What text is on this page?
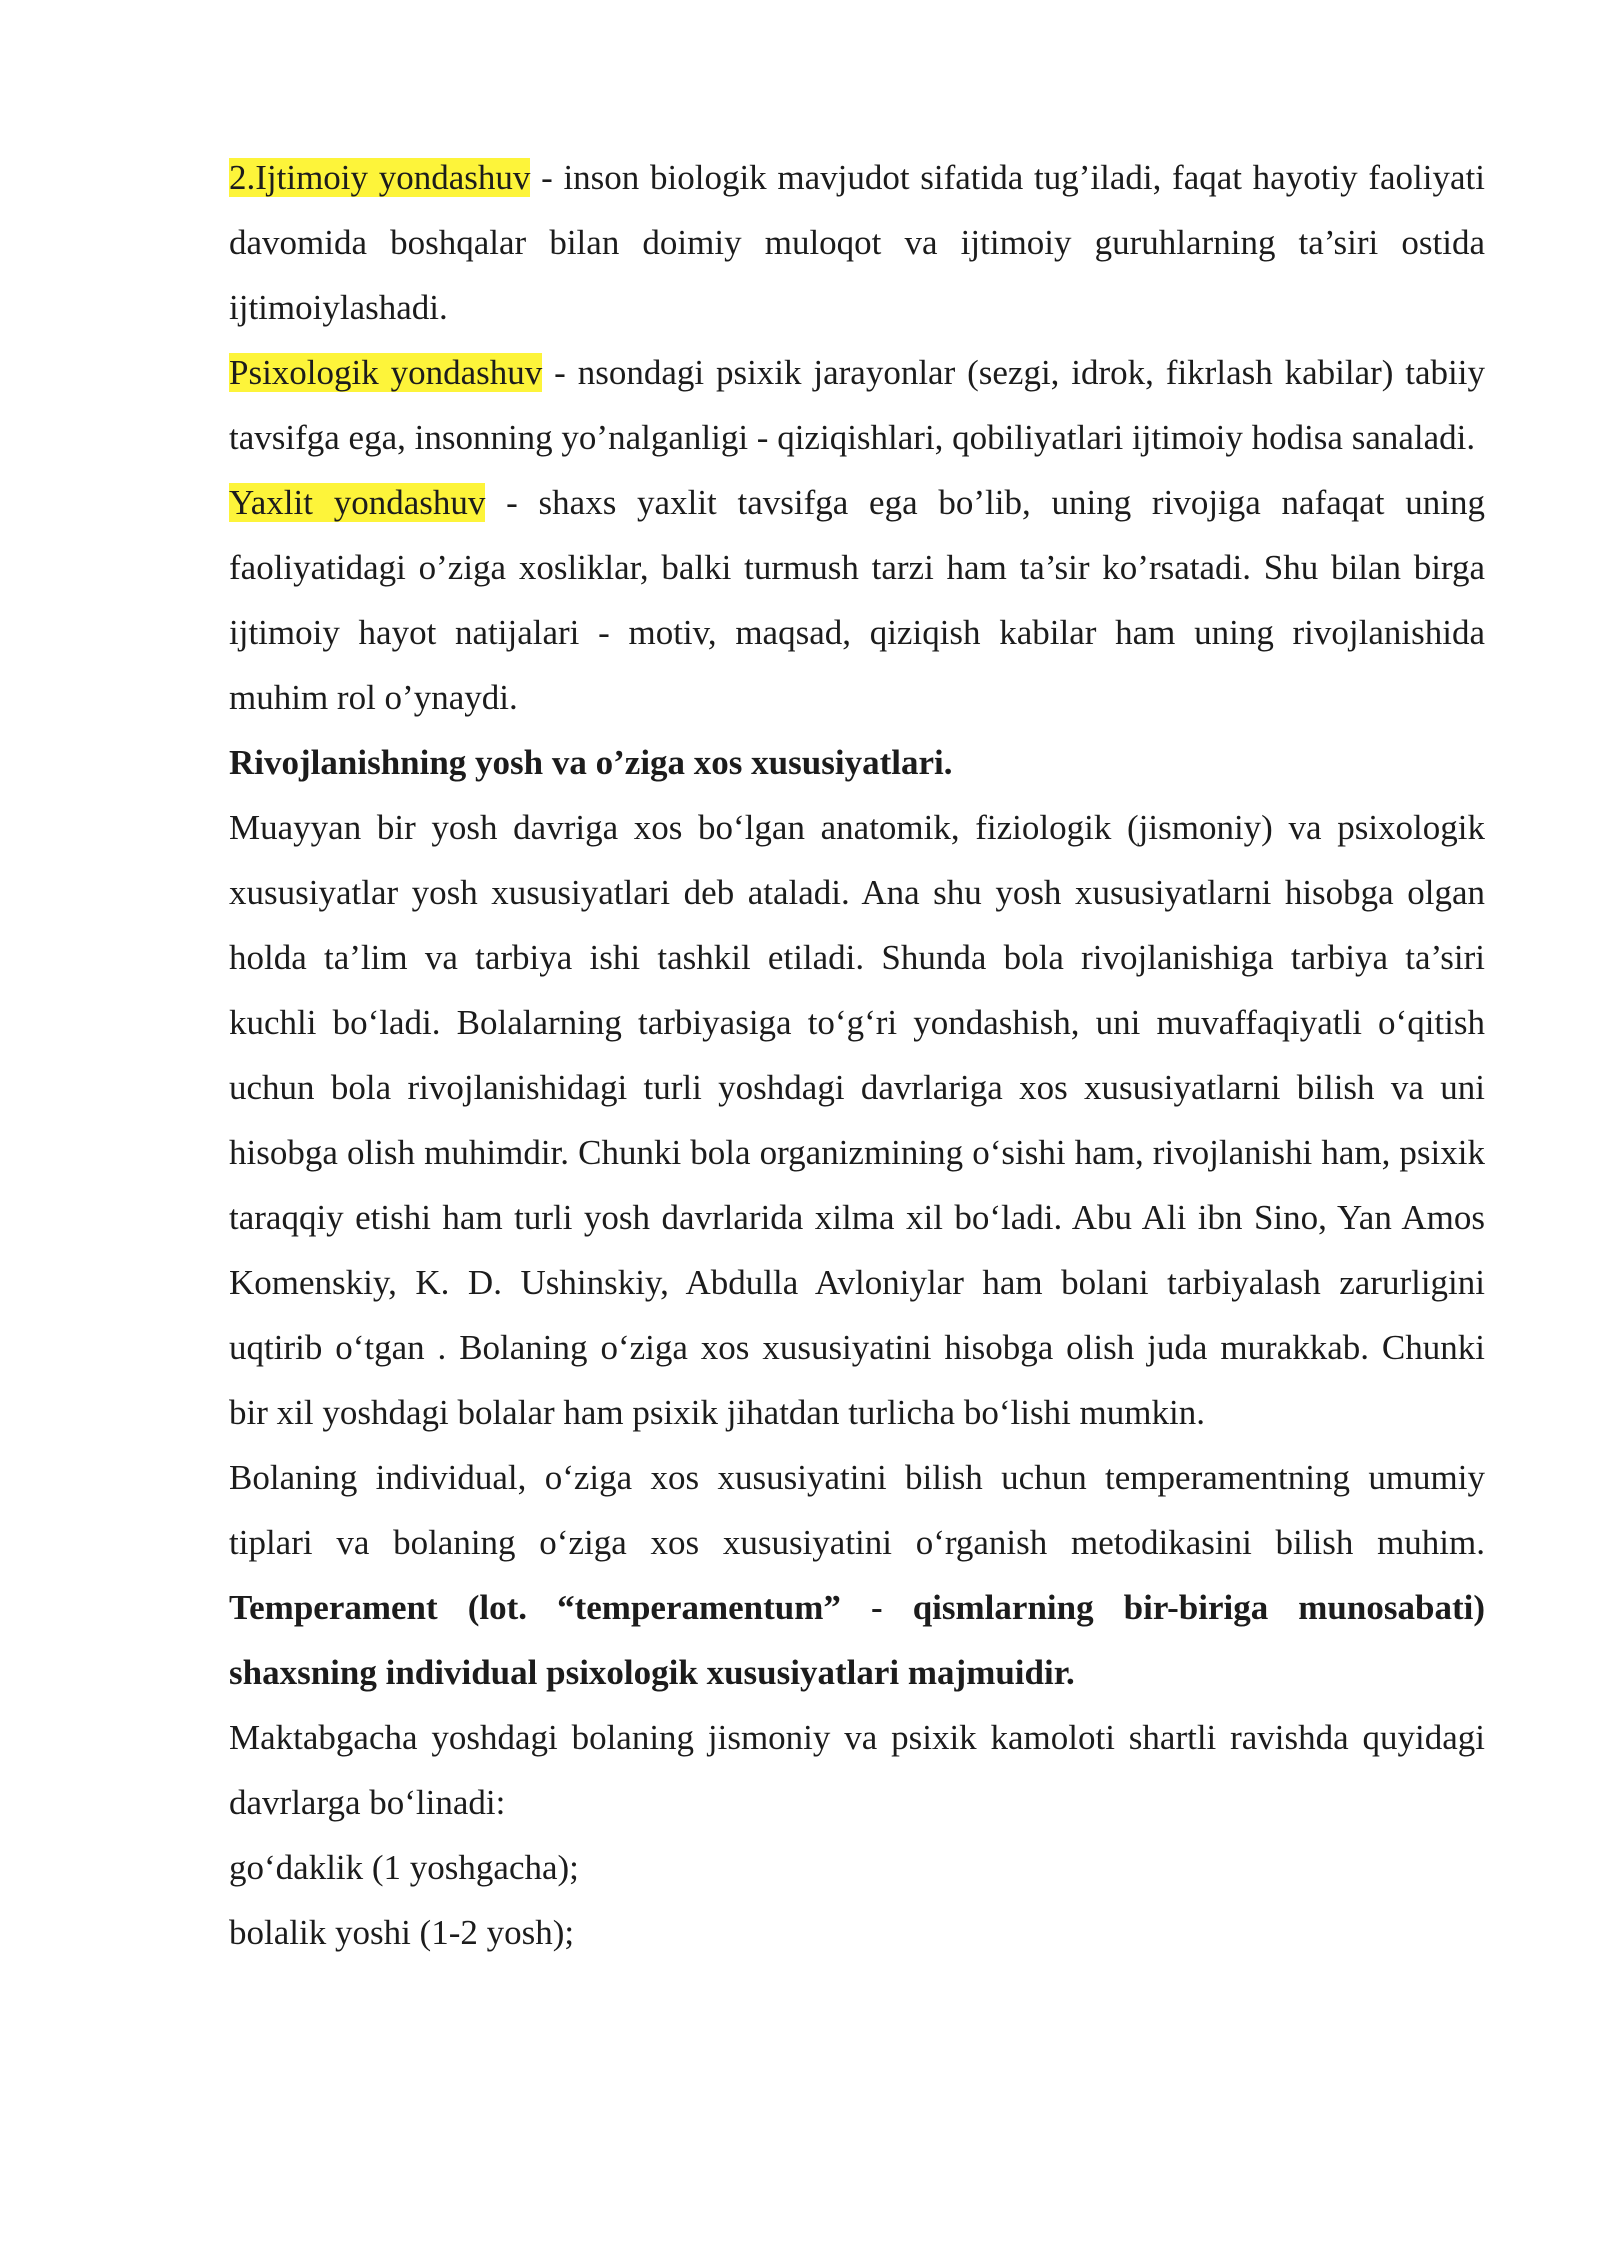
2.Ijtimoiy yondashuv - inson biologik mavjudot sifatida tug’iladi, faqat hayotiy faoliyati davomida boshqalar bilan doimiy muloqot va ijtimoiy guruhlarning ta’siri ostida ijtimoiylashadi.

Psixologik yondashuv - nsondagi psixik jarayonlar (sezgi, idrok, fikrlash kabilar) tabiiy tavsifga ega, insonning yo’nalganligi - qiziqishlari, qobiliyatlari ijtimoiy hodisa sanaladi.

Yaxlit yondashuv - shaxs yaxlit tavsifga ega bo’lib, uning rivojiga nafaqat uning faoliyatidagi o’ziga xosliklar, balki turmush tarzi ham ta’sir ko’rsatadi. Shu bilan birga ijtimoiy hayot natijalari - motiv, maqsad, qiziqish kabilar ham uning rivojlanishida muhim rol o’ynaydi.

Rivojlanishning yosh va o’ziga xos xususiyatlari.

Muayyan bir yosh davriga xos boʻlgan anatomik, fiziologik (jismoniy) va psixologik xususiyatlar yosh xususiyatlari deb ataladi. Ana shu yosh xususiyatlarni hisobga olgan holda ta’lim va tarbiya ishi tashkil etiladi. Shunda bola rivojlanishiga tarbiya ta’siri kuchli boʻladi. Bolalarning tarbiyasiga toʻgʻri yondashish, uni muvaffaqiyatli oʻqitish uchun bola rivojlanishidagi turli yoshdagi davrlariga xos xususiyatlarni bilish va uni hisobga olish muhimdir. Chunki bola organizmining oʻsishi ham, rivojlanishi ham, psixik taraqqiy etishi ham turli yosh davrlarida xilma xil boʻladi. Abu Ali ibn Sino, Yan Amos Komenskiy, K. D. Ushinskiy, Abdulla Avloniylar ham bolani tarbiyalash zarurligini uqtirib oʻtgan . Bolaning oʻziga xos xususiyatini hisobga olish juda murakkab. Chunki bir xil yoshdagi bolalar ham psixik jihatdan turlicha boʻlishi mumkin.

Bolaning individual, oʻziga xos xususiyatini bilish uchun temperamentning umumiy tiplari va bolaning oʻziga xos xususiyatini oʻrganish metodikasini bilish muhim. Temperament (lot. “temperamentum” - qismlarning bir-biriga munosabati) shaxsning individual psixologik xususiyatlari majmuidir.

Maktabgacha yoshdagi bolaning jismoniy va psixik kamoloti shartli ravishda quyidagi davrlarga boʻlinadi:

goʻdaklik (1 yoshgacha);

bolalik yoshi (1-2 yosh);
